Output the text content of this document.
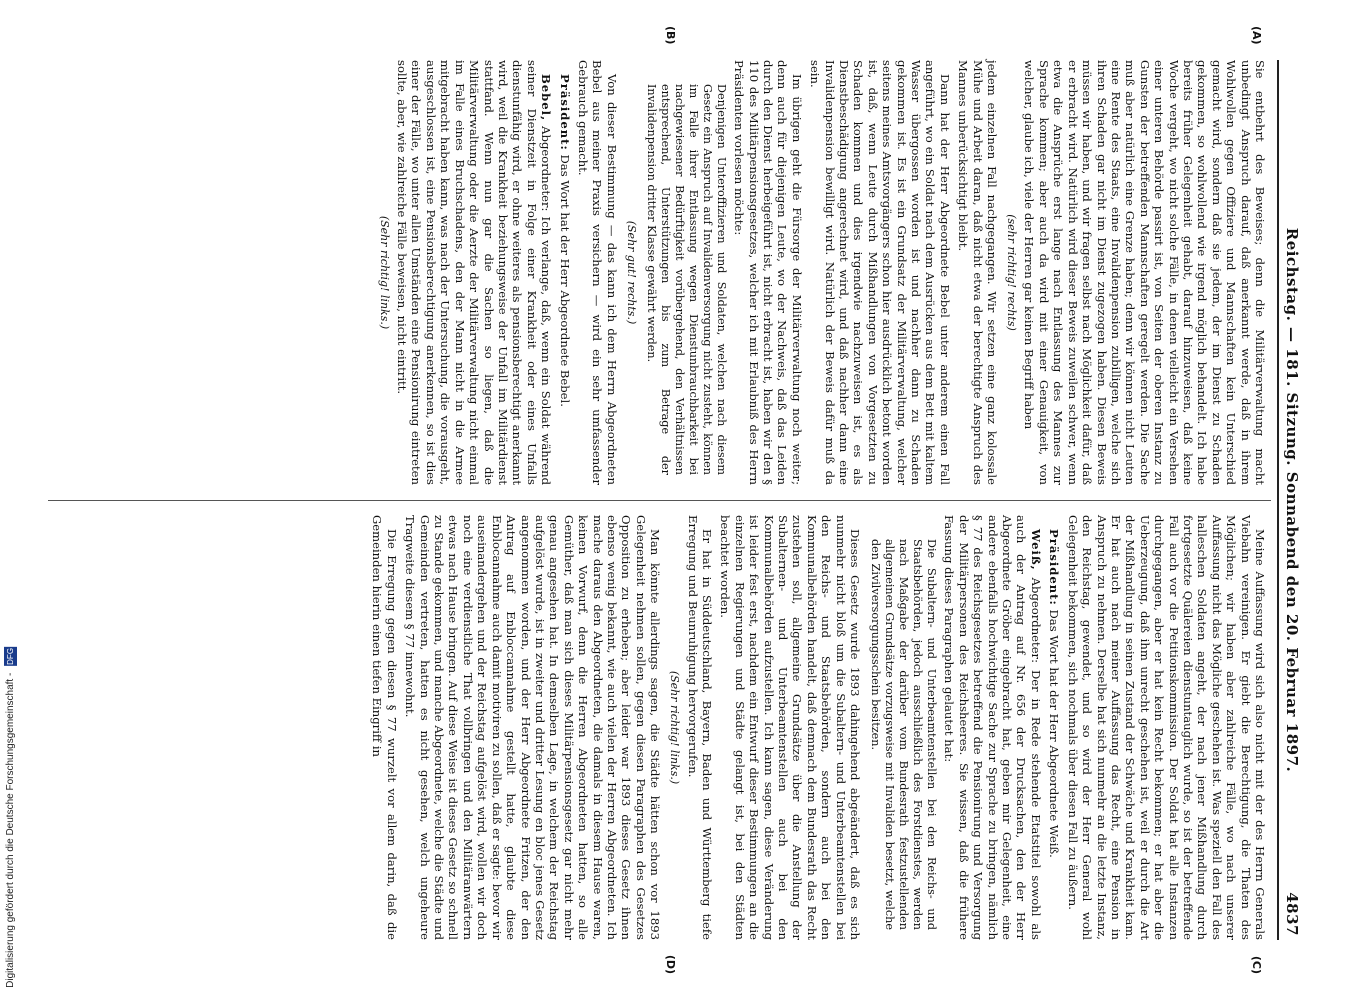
Reichstag. — 181. Sitzung. Sonnabend den 20. Februar 1897.
4837
(A)
(B)

Sie entbehrt des Beweises; denn die Militärverwaltung macht unbedingt Anspruch darauf, daß anerkannt werde, daß in ihrem Wohlwollen gegen Offiziere und Mannschaften kein Unterschied gemacht wird, sondern daß sie jedem, der im Dienst zu Schaden gekommen, so wohlwollend wie irgend möglich behandelt. Ich habe bereits früher Gelegenheit gehabt, darauf hinzuweisen, daß keine Woche vergeht, wo nicht solche Fälle, in denen vielleicht ein Versehen einer unteren Behörde passirt ist, von Seiten der oberen Instanz zu Gunsten der betreffenden Mannschaften geregelt werden. Die Sache muß aber natürlich eine Grenze haben; denn wir können nicht Leuten eine Rente des Staats, eine Invalidenpension zubilligen, welche sich ihren Schaden gar nicht im Dienst zugezogen haben. Diesen Beweis müssen wir haben, und wir fragen selbst nach Möglichkeit dafür, daß er erbracht wird. Natürlich wird dieser Beweis zuweilen schwer, wenn etwa die Ansprüche erst lange nach Entlassung des Mannes zur Sprache kommen; aber auch da wird mit einer Genauigkeit, von welcher, glaube ich, viele der Herren gar keinen Begriff haben

(sehr richtig! rechts)

jedem einzelnen Fall nachgegangen. Wir setzen eine ganz kolossale Mühe und Arbeit daran, daß nicht etwa der berechtigte Anspruch des Mannes unberücksichtigt bleibt.

Dann hat der Herr Abgeordnete Bebel unter anderem einen Fall angeführt, wo ein Soldat nach dem Ausrücken aus dem Bett mit kaltem Wasser übergossen worden ist und nachher dann zu Schaden gekommen ist. Es ist ein Grundsatz der Militärverwaltung, welcher seitens meines Amtsvorgängers schon hier ausdrücklich betont worden ist, daß, wenn Leute durch Mißhandlungen von Vorgesetzten zu Schaden kommen und dies irgendwie nachzuweisen ist, es als Dienstbeschädigung angerechnet wird, und daß nachher dann eine Invalidenpension bewilligt wird. Natürlich der Beweis dafür muß da sein.

Im übrigen geht die Fürsorge der Militärverwaltung noch weiter; denn auch für diejenigen Leute, wo der Nachweis, daß das Leiden durch den Dienst herbeigeführt ist, nicht erbracht ist, haben wir den § 110 des Militärpensionsgesetzes, welcher ich mit Erlaubniß des Herrn Präsidenten vorlesen möchte:

Denjenigen Unteroffizieren und Soldaten, welchen nach diesem Gesetz ein Anspruch auf Invalidenversorgung nicht zusteht, können im Falle ihrer Entlassung wegen Dienstunbrauchbarkeit bei nachgewiesener Bedürftigkeit vorübergehend, den Verhältnissen entsprechend, Unterstützungen bis zum Betrage der Invalidenpension dritter Klasse gewährt werden.

(Sehr gut! rechts.)

Von dieser Bestimmung — das kann ich dem Herrn Abgeordneten Bebel aus meiner Praxis versichern — wird ein sehr umfassender Gebrauch gemacht.

Präsident: Das Wort hat der Herr Abgeordnete Bebel.

Bebel, Abgeordneter: Ich verlange, daß, wenn ein Soldat während seiner Dienstzeit in Folge einer Krankheit oder eines Unfalls dienstunfähig wird, er ohne weiteres als pensionsberechtigt anerkannt wird, weil die Krankheit beziehungsweise der Unfall im Militärdienst stattfand. Wenn nun gar die Sachen so liegen, daß die Militärverwaltung oder die Aerzte der Militärverwaltung nicht einmal im Falle eines Bruchschadens, den der Mann nicht in die Armee mitgebracht haben kann, was nach der Untersuchung, die vorausgeht, ausgeschlossen ist, eine Pensionsberechtigung anerkennen, so ist dies einer der Fälle, wo unter allen Umständen eine Pensionirung eintreten sollte, aber, wie zahlreiche Fälle beweisen, nicht eintritt.

(Sehr richtig! links.)

(C)
(D)

Meine Auffassung wird sich also nicht mit der des Herrn Generals Viebahn vereinigen. Er giebt die Berechtigung, die Thaten des Möglichen; wir haben aber zahlreiche Fälle, wo nach unserer Auffassung nicht das Mögliche geschehen ist. Was speziell den Fall des halleschen Soldaten angeht, der nach jener Mißhandlung durch fortgesetzte Quälereien dienstuntauglich wurde, so ist der betreffende Fall auch vor die Petitionskommission. Der Soldat hat alle Instanzen durchgegangen, aber er hat kein Recht bekommen; er hat aber die Ueberzeugung, daß ihm unrecht geschehen ist, weil er durch die Art der Mißhandlung in seinen Zustand der Schwäche und Krankheit kam. Er hat auch nach meiner Auffassung das Recht, eine Pension in Anspruch zu nehmen. Derselbe hat sich nunmehr an die letzte Instanz, den Reichstag, gewendet, und so wird der Herr General wohl Gelegenheit bekommen, sich nochmals über diesen Fall zu äußern.

Präsident: Das Wort hat der Herr Abgeordnete Weiß.

Weiß, Abgeordneter: Der in Rede stehende Etatstitel sowohl als auch der Antrag auf Nr. 656 der Drucksachen, den der Herr Abgeordnete Gröber eingebracht hat, geben mir Gelegenheit, eine andere ebenfalls hochwichtige Sache zur Sprache zu bringen, nämlich § 77 des Reichsgesetzes betreffend die Pensionirung und Versorgung der Militärpersonen des Reichsheeres. Sie wissen, daß die frühere Fassung dieses Paragraphen gelautet hat:

Die Subaltern- und Unterbeamtenstellen bei den Reichs- und Staatsbehörden, jedoch ausschließlich des Forstdienstes, werden nach Maßgabe der darüber vom Bundesrath festzustellenden allgemeinen Grundsätze vorzugsweise mit Invaliden besetzt, welche den Zivilversorgungsschein besitzen.

Dieses Gesetz wurde 1893 dahingehend abgeändert, daß es sich nunmehr nicht bloß um die Subaltern- und Unterbeamtenstellen bei den Reichs- und Staatsbehörden, sondern auch bei den Kommunalbehörden handelt, daß demnach dem Bundesrath das Recht zustehen soll, allgemeine Grundsätze über die Anstellung der Subalternen- und Unterbeamtenstellen auch bei den Kommunalbehörden aufzustellen. Ich kann sagen, diese Veränderung ist leider fest erst, nachdem ein Entwurf dieser Bestimmungen an die einzelnen Regierungen und Städte gelangt ist, bei den Städten beachtet worden.

Er hat in Süddeutschland, Bayern, Baden und Württemberg tiefe Erregung und Beunruhigung hervorgerufen.

(Sehr richtig! links.)

Man könnte allerdings sagen, die Städte hätten schon vor 1893 Gelegenheit nehmen sollen, gegen diesen Paragraphen des Gesetzes Opposition zu erheben; aber leider war 1893 dieses Gesetz ihnen ebenso wenig bekannt, wie auch vielen der Herren Abgeordneten. Ich mache daraus den Abgeordneten, die damals in diesem Hause waren, keinen Vorwurf, denn die Herren Abgeordneten hatten, so alle Gemüther, daß man sich dieses Militärpensionsgesetz gar nicht mehr genau angesehen hat. In demselben Lage, in welchem der Reichstag aufgelöst wurde, ist in zweiter und dritter Lesung en bloc jenes Gesetz angenommen worden, und der Herr Abgeordnete Fritzen, der den Antrag auf Enbloccannahme gestellt hatte, glaubte diese Enblocannahme auch damit motiviren zu sollen, daß er sagte: bevor wir auseinandergehen und der Reichstag aufgelöst wird, wollen wir doch noch eine verdienstliche That vollbringen und den Militäranwärtern etwas nach Hause bringen. Auf diese Weise ist dieses Gesetz so schnell zu Stande gekommen, und manche Abgeordnete, welche die Städte und Gemeinden vertreten, hatten es nicht gesehen, welch ungeheure Tragweite diesem § 77 innewohnt.

Die Erregung gegen diesen § 77 wurzelt vor allem darin, daß die Gemeinden hierin einen tiefen Eingriff in

Digitalisierung gefördert durch die Deutsche Forschungsgemeinschaft - DFG
